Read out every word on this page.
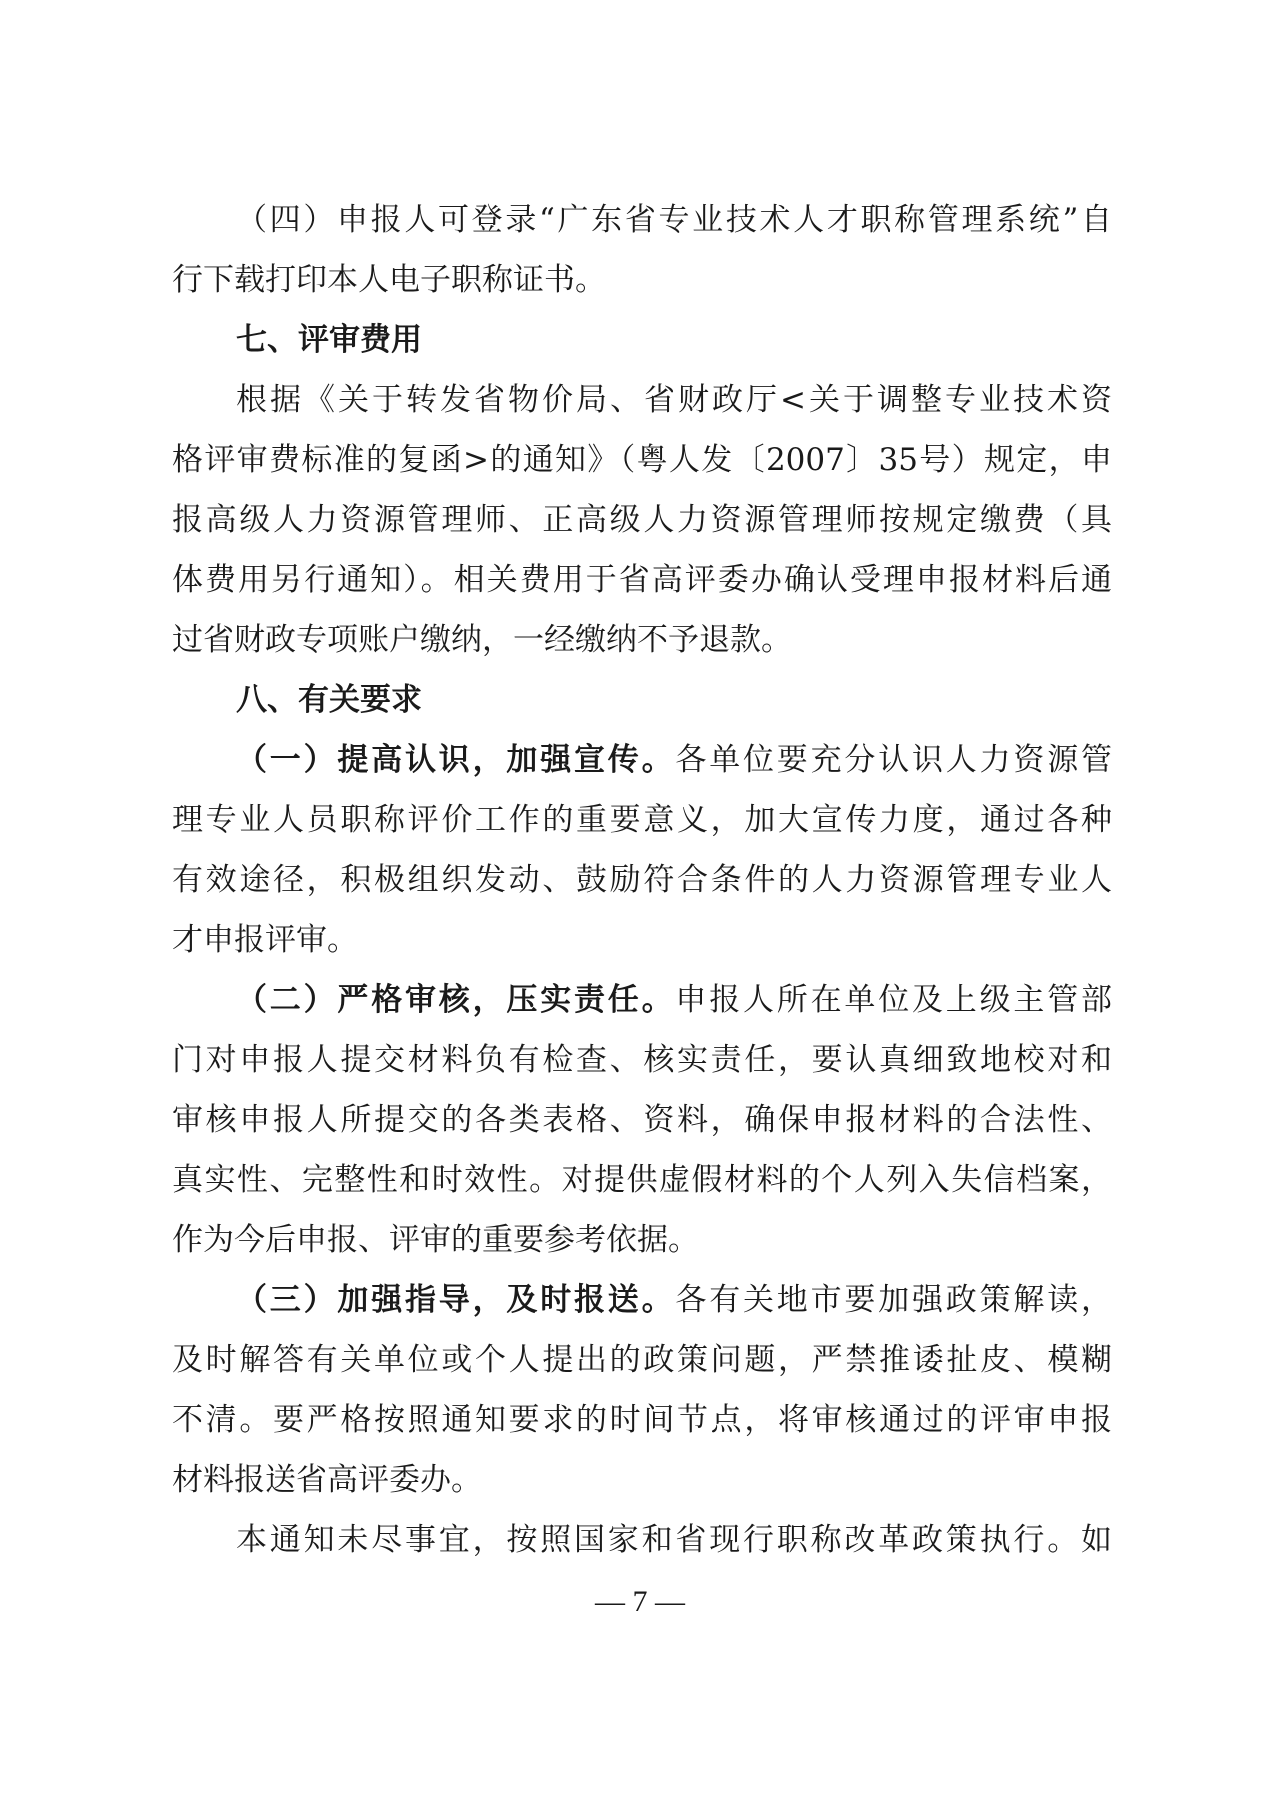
（四）申报人可登录“广东省专业技术人才职称管理系统”自
行下载打印本人电子职称证书。
七、评审费用
根据《关于转发省物价局、省财政厅<关于调整专业技术资
格评审费标准的复函>的通知》（粤人发〔2007〕35号）规定，申
报高级人力资源管理师、正高级人力资源管理师按规定缴费（具
体费用另行通知）。相关费用于省高评委办确认受理申报材料后通
过省财政专项账户缴纳，一经缴纳不予退款。
八、有关要求
（一）提高认识，加强宣传。各单位要充分认识人力资源管
理专业人员职称评价工作的重要意义，加大宣传力度，通过各种
有效途径，积极组织发动、鼓励符合条件的人力资源管理专业人
才申报评审。
（二）严格审核，压实责任。申报人所在单位及上级主管部
门对申报人提交材料负有检查、核实责任，要认真细致地校对和
审核申报人所提交的各类表格、资料，确保申报材料的合法性、
真实性、完整性和时效性。对提供虚假材料的个人列入失信档案，
作为今后申报、评审的重要参考依据。
（三）加强指导，及时报送。各有关地市要加强政策解读，
及时解答有关单位或个人提出的政策问题，严禁推诿扯皮、模糊
不清。要严格按照通知要求的时间节点，将审核通过的评审申报
材料报送省高评委办。
本通知未尽事宜，按照国家和省现行职称改革政策执行。如
— 7 —
